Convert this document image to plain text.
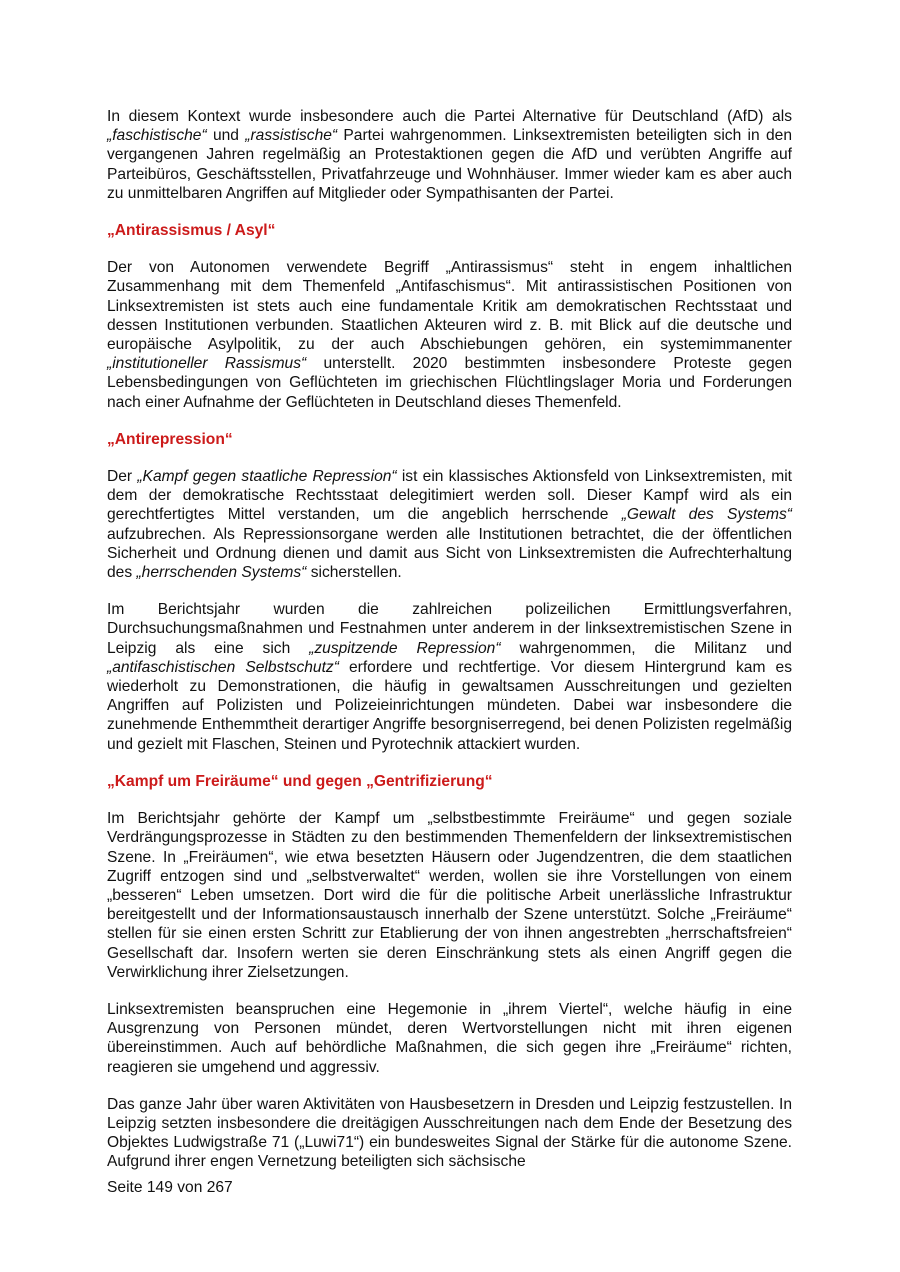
In diesem Kontext wurde insbesondere auch die Partei Alternative für Deutschland (AfD) als „faschistische“ und „rassistische“ Partei wahrgenommen. Linksextremisten beteiligten sich in den vergangenen Jahren regelmäßig an Protestaktionen gegen die AfD und verübten Angriffe auf Parteibüros, Geschäftsstellen, Privatfahrzeuge und Wohnhäuser. Immer wieder kam es aber auch zu unmittelbaren Angriffen auf Mitglieder oder Sympathisanten der Partei.

„Antirassismus / Asyl“

Der von Autonomen verwendete Begriff „Antirassismus“ steht in engem inhaltlichen Zusammenhang mit dem Themenfeld „Antifaschismus“. Mit antirassistischen Positionen von Linksextremisten ist stets auch eine fundamentale Kritik am demokratischen Rechtsstaat und dessen Institutionen verbunden. Staatlichen Akteuren wird z. B. mit Blick auf die deutsche und europäische Asylpolitik, zu der auch Abschiebungen gehören, ein systemimmanenter „institutioneller Rassismus“ unterstellt. 2020 bestimmten insbesondere Proteste gegen Lebensbedingungen von Geflüchteten im griechischen Flüchtlingslager Moria und Forderungen nach einer Aufnahme der Geflüchteten in Deutschland dieses Themenfeld.

„Antirepression“

Der „Kampf gegen staatliche Repression“ ist ein klassisches Aktionsfeld von Linksextremisten, mit dem der demokratische Rechtsstaat delegitimiert werden soll. Dieser Kampf wird als ein gerechtfertigtes Mittel verstanden, um die angeblich herrschende „Gewalt des Systems“ aufzubrechen. Als Repressionsorgane werden alle Institutionen betrachtet, die der öffentlichen Sicherheit und Ordnung dienen und damit aus Sicht von Linksextremisten die Aufrechterhaltung des „herrschenden Systems“ sicherstellen.

Im Berichtsjahr wurden die zahlreichen polizeilichen Ermittlungsverfahren, Durchsuchungsmaßnahmen und Festnahmen unter anderem in der linksextremistischen Szene in Leipzig als eine sich „zuspitzende Repression“ wahrgenommen, die Militanz und „antifaschistischen Selbstschutz“ erfordere und rechtfertige. Vor diesem Hintergrund kam es wiederholt zu Demonstrationen, die häufig in gewaltsamen Ausschreitungen und gezielten Angriffen auf Polizisten und Polizeieinrichtungen mündeten. Dabei war insbesondere die zunehmende Enthemmtheit derartiger Angriffe besorgniserregend, bei denen Polizisten regelmäßig und gezielt mit Flaschen, Steinen und Pyrotechnik attackiert wurden.

„Kampf um Freiräume“ und gegen „Gentrifizierung“

Im Berichtsjahr gehörte der Kampf um „selbstbestimmte Freiräume“ und gegen soziale Verdrängungsprozesse in Städten zu den bestimmenden Themenfeldern der linksextremistischen Szene. In „Freiräumen“, wie etwa besetzten Häusern oder Jugendzentren, die dem staatlichen Zugriff entzogen sind und „selbstverwaltet“ werden, wollen sie ihre Vorstellungen von einem „besseren“ Leben umsetzen. Dort wird die für die politische Arbeit unerlässliche Infrastruktur bereitgestellt und der Informationsaustausch innerhalb der Szene unterstützt. Solche „Freiräume“ stellen für sie einen ersten Schritt zur Etablierung der von ihnen angestrebten „herrschaftsfreien“ Gesellschaft dar. Insofern werten sie deren Einschränkung stets als einen Angriff gegen die Verwirklichung ihrer Zielsetzungen.

Linksextremisten beanspruchen eine Hegemonie in „ihrem Viertel“, welche häufig in eine Ausgrenzung von Personen mündet, deren Wertvorstellungen nicht mit ihren eigenen übereinstimmen. Auch auf behördliche Maßnahmen, die sich gegen ihre „Freiräume“ richten, reagieren sie umgehend und aggressiv.

Das ganze Jahr über waren Aktivitäten von Hausbesetzern in Dresden und Leipzig festzustellen. In Leipzig setzten insbesondere die dreitägigen Ausschreitungen nach dem Ende der Besetzung des Objektes Ludwigstraße 71 („Luwi71“) ein bundesweites Signal der Stärke für die autonome Szene. Aufgrund ihrer engen Vernetzung beteiligten sich sächsische

Seite 149 von 267
